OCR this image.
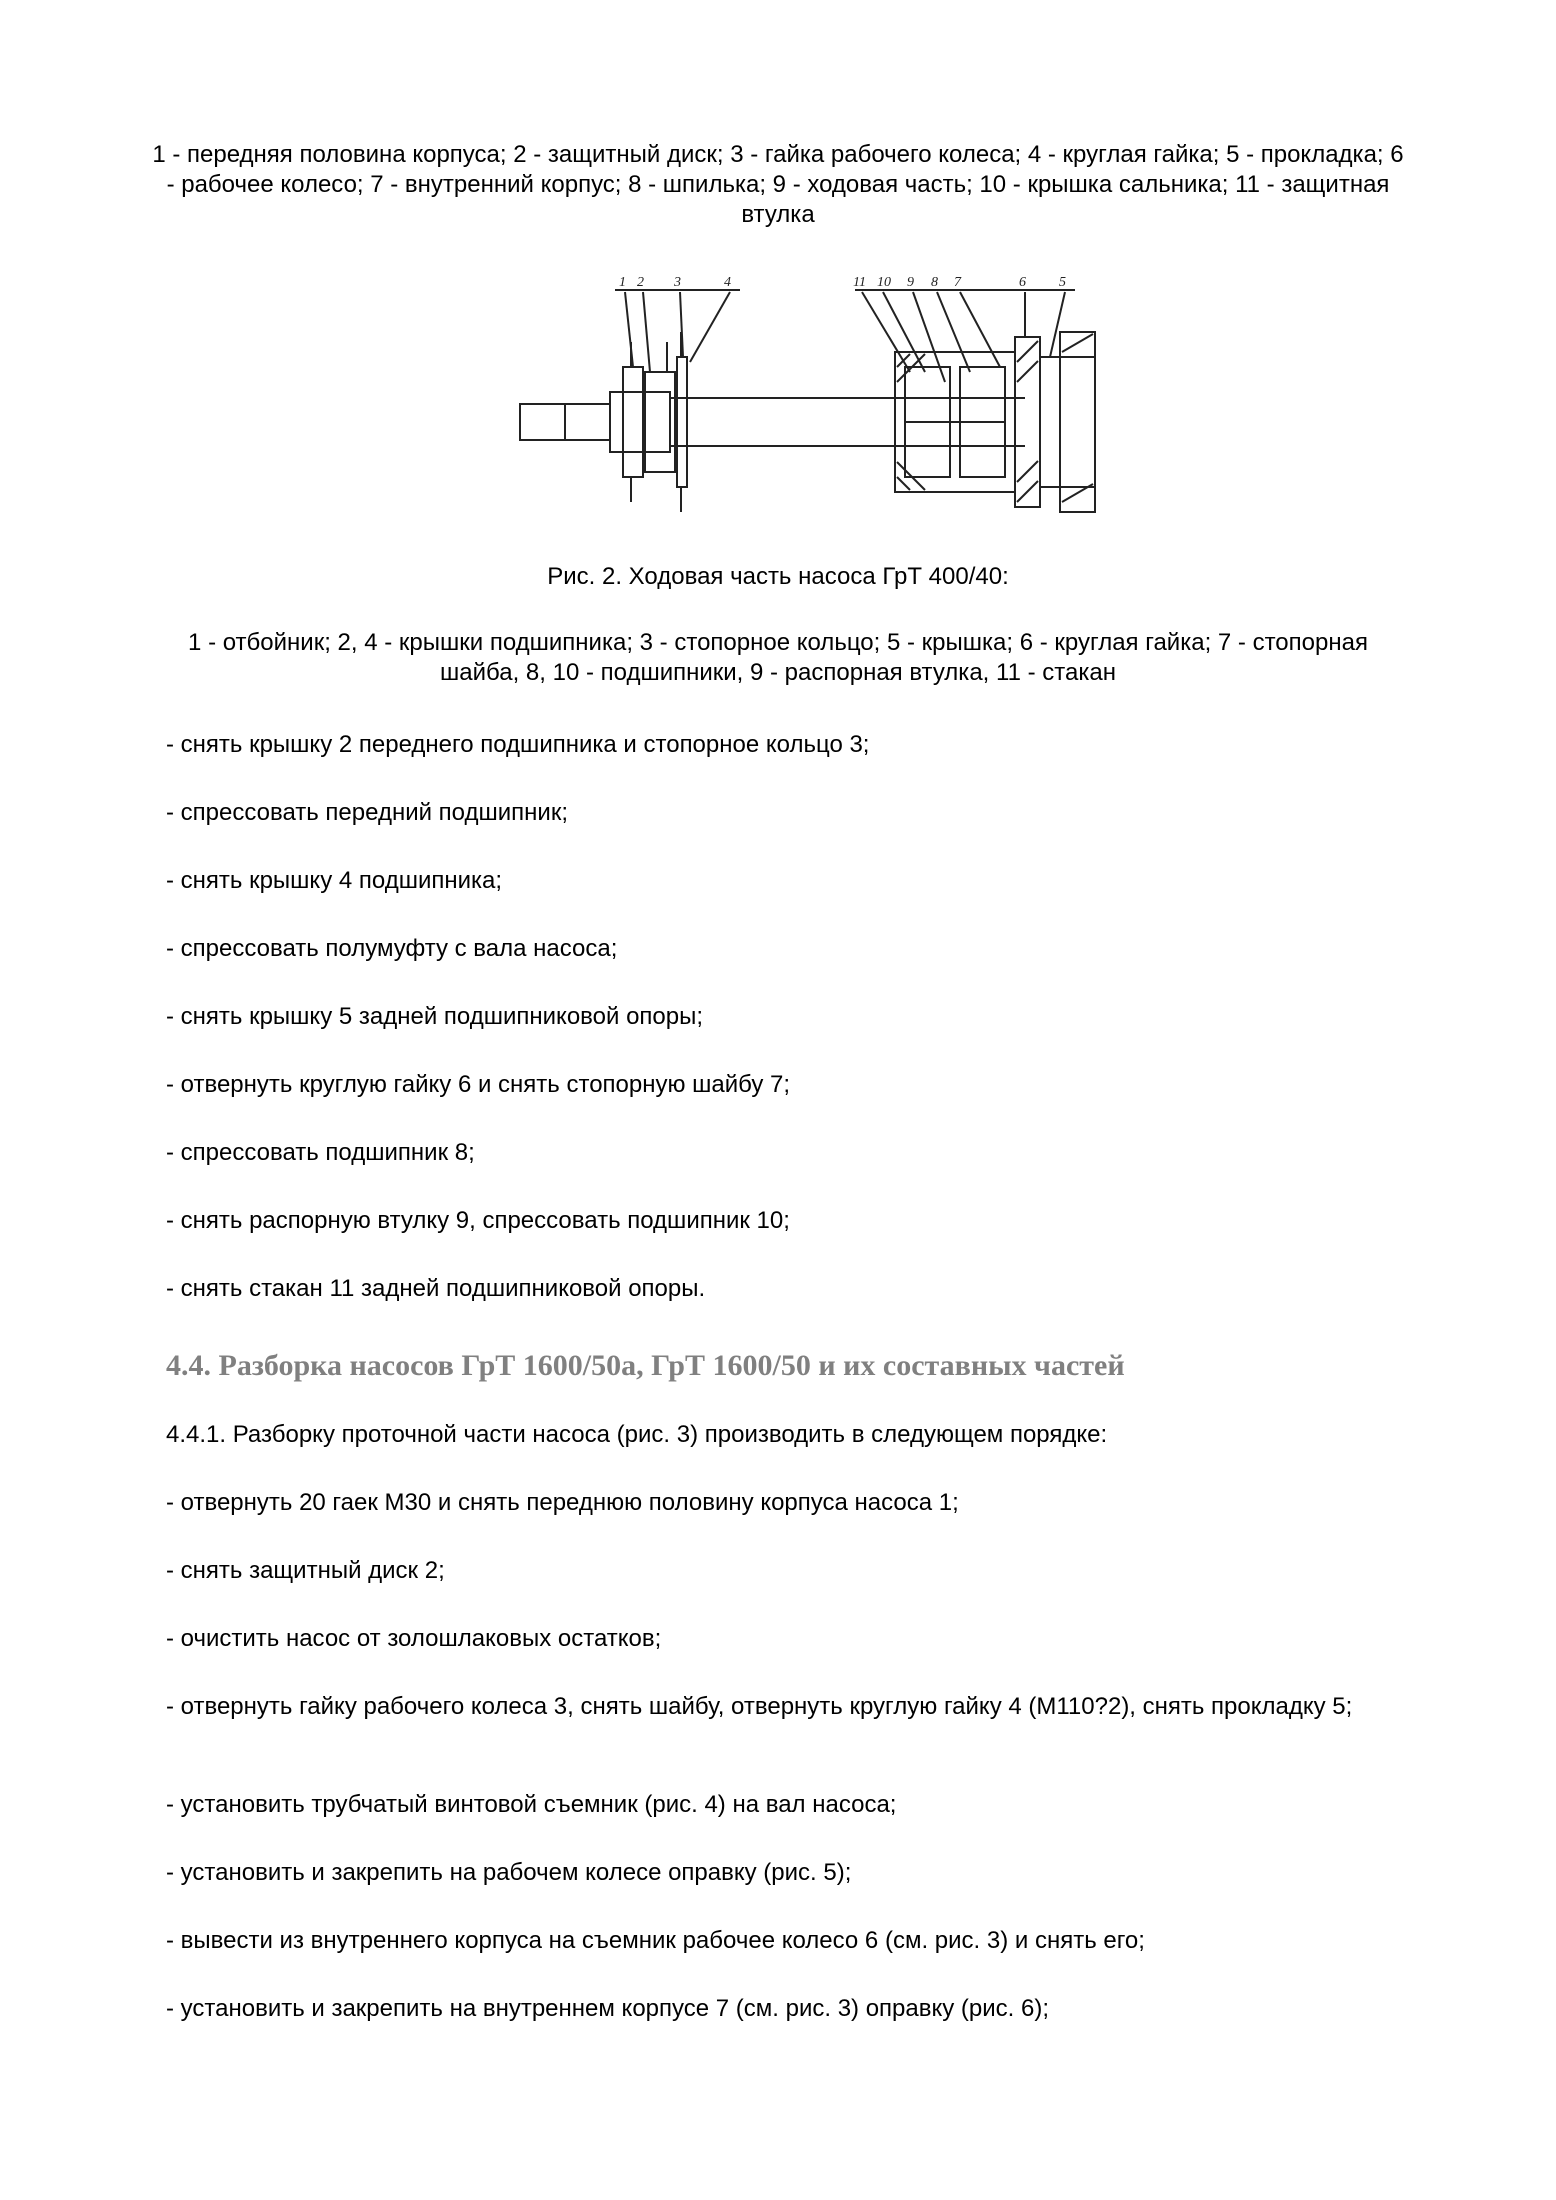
1 - передняя половина корпуса; 2 - защитный диск; 3 - гайка рабочего колеса; 4 - круглая гайка; 5 - прокладка; 6 - рабочее колесо; 7 - внутренний корпус; 8 - шпилька; 9 - ходовая часть; 10 - крышка сальника; 11 - защитная втулка
1 2 3	4	11 10 9 8 7	6 5
Рис. 2. Ходовая часть насоса ГрТ 400/40:
1 - отбойник; 2, 4 - крышки подшипника; 3 - стопорное кольцо; 5 - крышка; 6 - круглая гайка; 7 - стопорная шайба, 8, 10 - подшипники, 9 - распорная втулка, 11 - стакан
- снять крышку 2 переднего подшипника и стопорное кольцо 3;
- спрессовать передний подшипник;
- снять крышку 4 подшипника;
- спрессовать полумуфту с вала насоса;
- снять крышку 5 задней подшипниковой опоры;
- отвернуть круглую гайку 6 и снять стопорную шайбу 7;
- спрессовать подшипник 8;
- снять распорную втулку 9, спрессовать подшипник 10;
- снять стакан 11 задней подшипниковой опоры.
4.4. Разборка насосов ГрТ 1600/50а, ГрТ 1600/50 и их составных частей
4.4.1. Разборку проточной части насоса (рис. 3) производить в следующем порядке:
- отвернуть 20 гаек М30 и снять переднюю половину корпуса насоса 1;
- снять защитный диск 2;
- очистить насос от золошлаковых остатков;
- отвернуть гайку рабочего колеса 3, снять шайбу, отвернуть круглую гайку 4 (М110?2), снять прокладку 5;
- установить трубчатый винтовой съемник (рис. 4) на вал насоса;
- установить и закрепить на рабочем колесе оправку (рис. 5);
- вывести из внутреннего корпуса на съемник рабочее колесо 6 (см. рис. 3) и снять его;
- установить и закрепить на внутреннем корпусе 7 (см. рис. 3) оправку (рис. 6);
